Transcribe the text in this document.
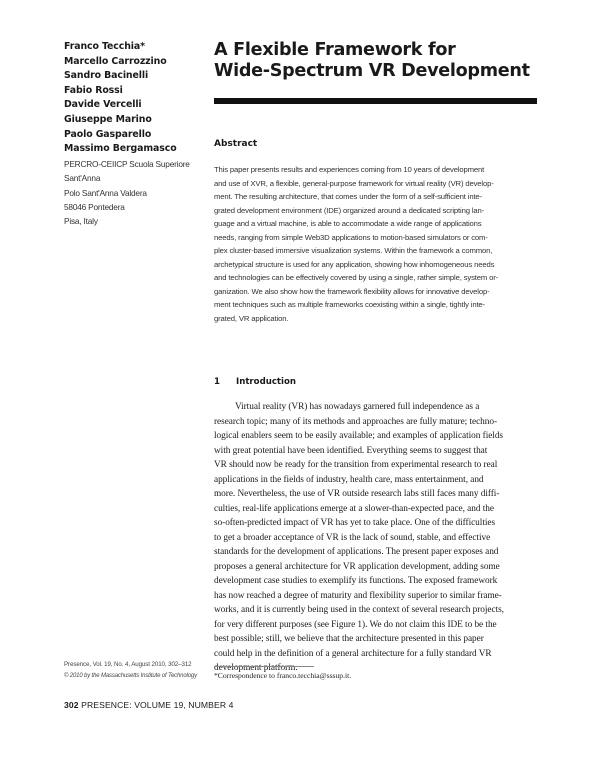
Franco Tecchia*
Marcello Carrozzino
Sandro Bacinelli
Fabio Rossi
Davide Vercelli
Giuseppe Marino
Paolo Gasparello
Massimo Bergamasco
PERCRO-CEIICP Scuola Superiore
Sant'Anna
Polo Sant'Anna Valdera
58046 Pontedera
Pisa, Italy
A Flexible Framework for
Wide-Spectrum VR Development
Abstract
This paper presents results and experiences coming from 10 years of development
and use of XVR, a flexible, general-purpose framework for virtual reality (VR) develop-
ment. The resulting architecture, that comes under the form of a self-sufficient inte-
grated development environment (IDE) organized around a dedicated scripting lan-
guage and a virtual machine, is able to accommodate a wide range of applications
needs, ranging from simple Web3D applications to motion-based simulators or com-
plex cluster-based immersive visualization systems. Within the framework a common,
archetypical structure is used for any application, showing how inhomogeneous needs
and technologies can be effectively covered by using a single, rather simple, system or-
ganization. We also show how the framework flexibility allows for innovative develop-
ment techniques such as multiple frameworks coexisting within a single, tightly inte-
grated, VR application.
1 Introduction
Virtual reality (VR) has nowadays garnered full independence as a
research topic; many of its methods and approaches are fully mature; techno-
logical enablers seem to be easily available; and examples of application fields
with great potential have been identified. Everything seems to suggest that
VR should now be ready for the transition from experimental research to real
applications in the fields of industry, health care, mass entertainment, and
more. Nevertheless, the use of VR outside research labs still faces many diffi-
culties, real-life applications emerge at a slower-than-expected pace, and the
so-often-predicted impact of VR has yet to take place. One of the difficulties
to get a broader acceptance of VR is the lack of sound, stable, and effective
standards for the development of applications. The present paper exposes and
proposes a general architecture for VR application development, adding some
development case studies to exemplify its functions. The exposed framework
has now reached a degree of maturity and flexibility superior to similar frame-
works, and it is currently being used in the context of several research projects,
for very different purposes (see Figure 1). We do not claim this IDE to be the
best possible; still, we believe that the architecture presented in this paper
could help in the definition of a general architecture for a fully standard VR
development platform.
*Correspondence to franco.tecchia@sssup.it.
Presence, Vol. 19, No. 4, August 2010, 302–312
© 2010 by the Massachusetts Institute of Technology
302 PRESENCE: VOLUME 19, NUMBER 4
